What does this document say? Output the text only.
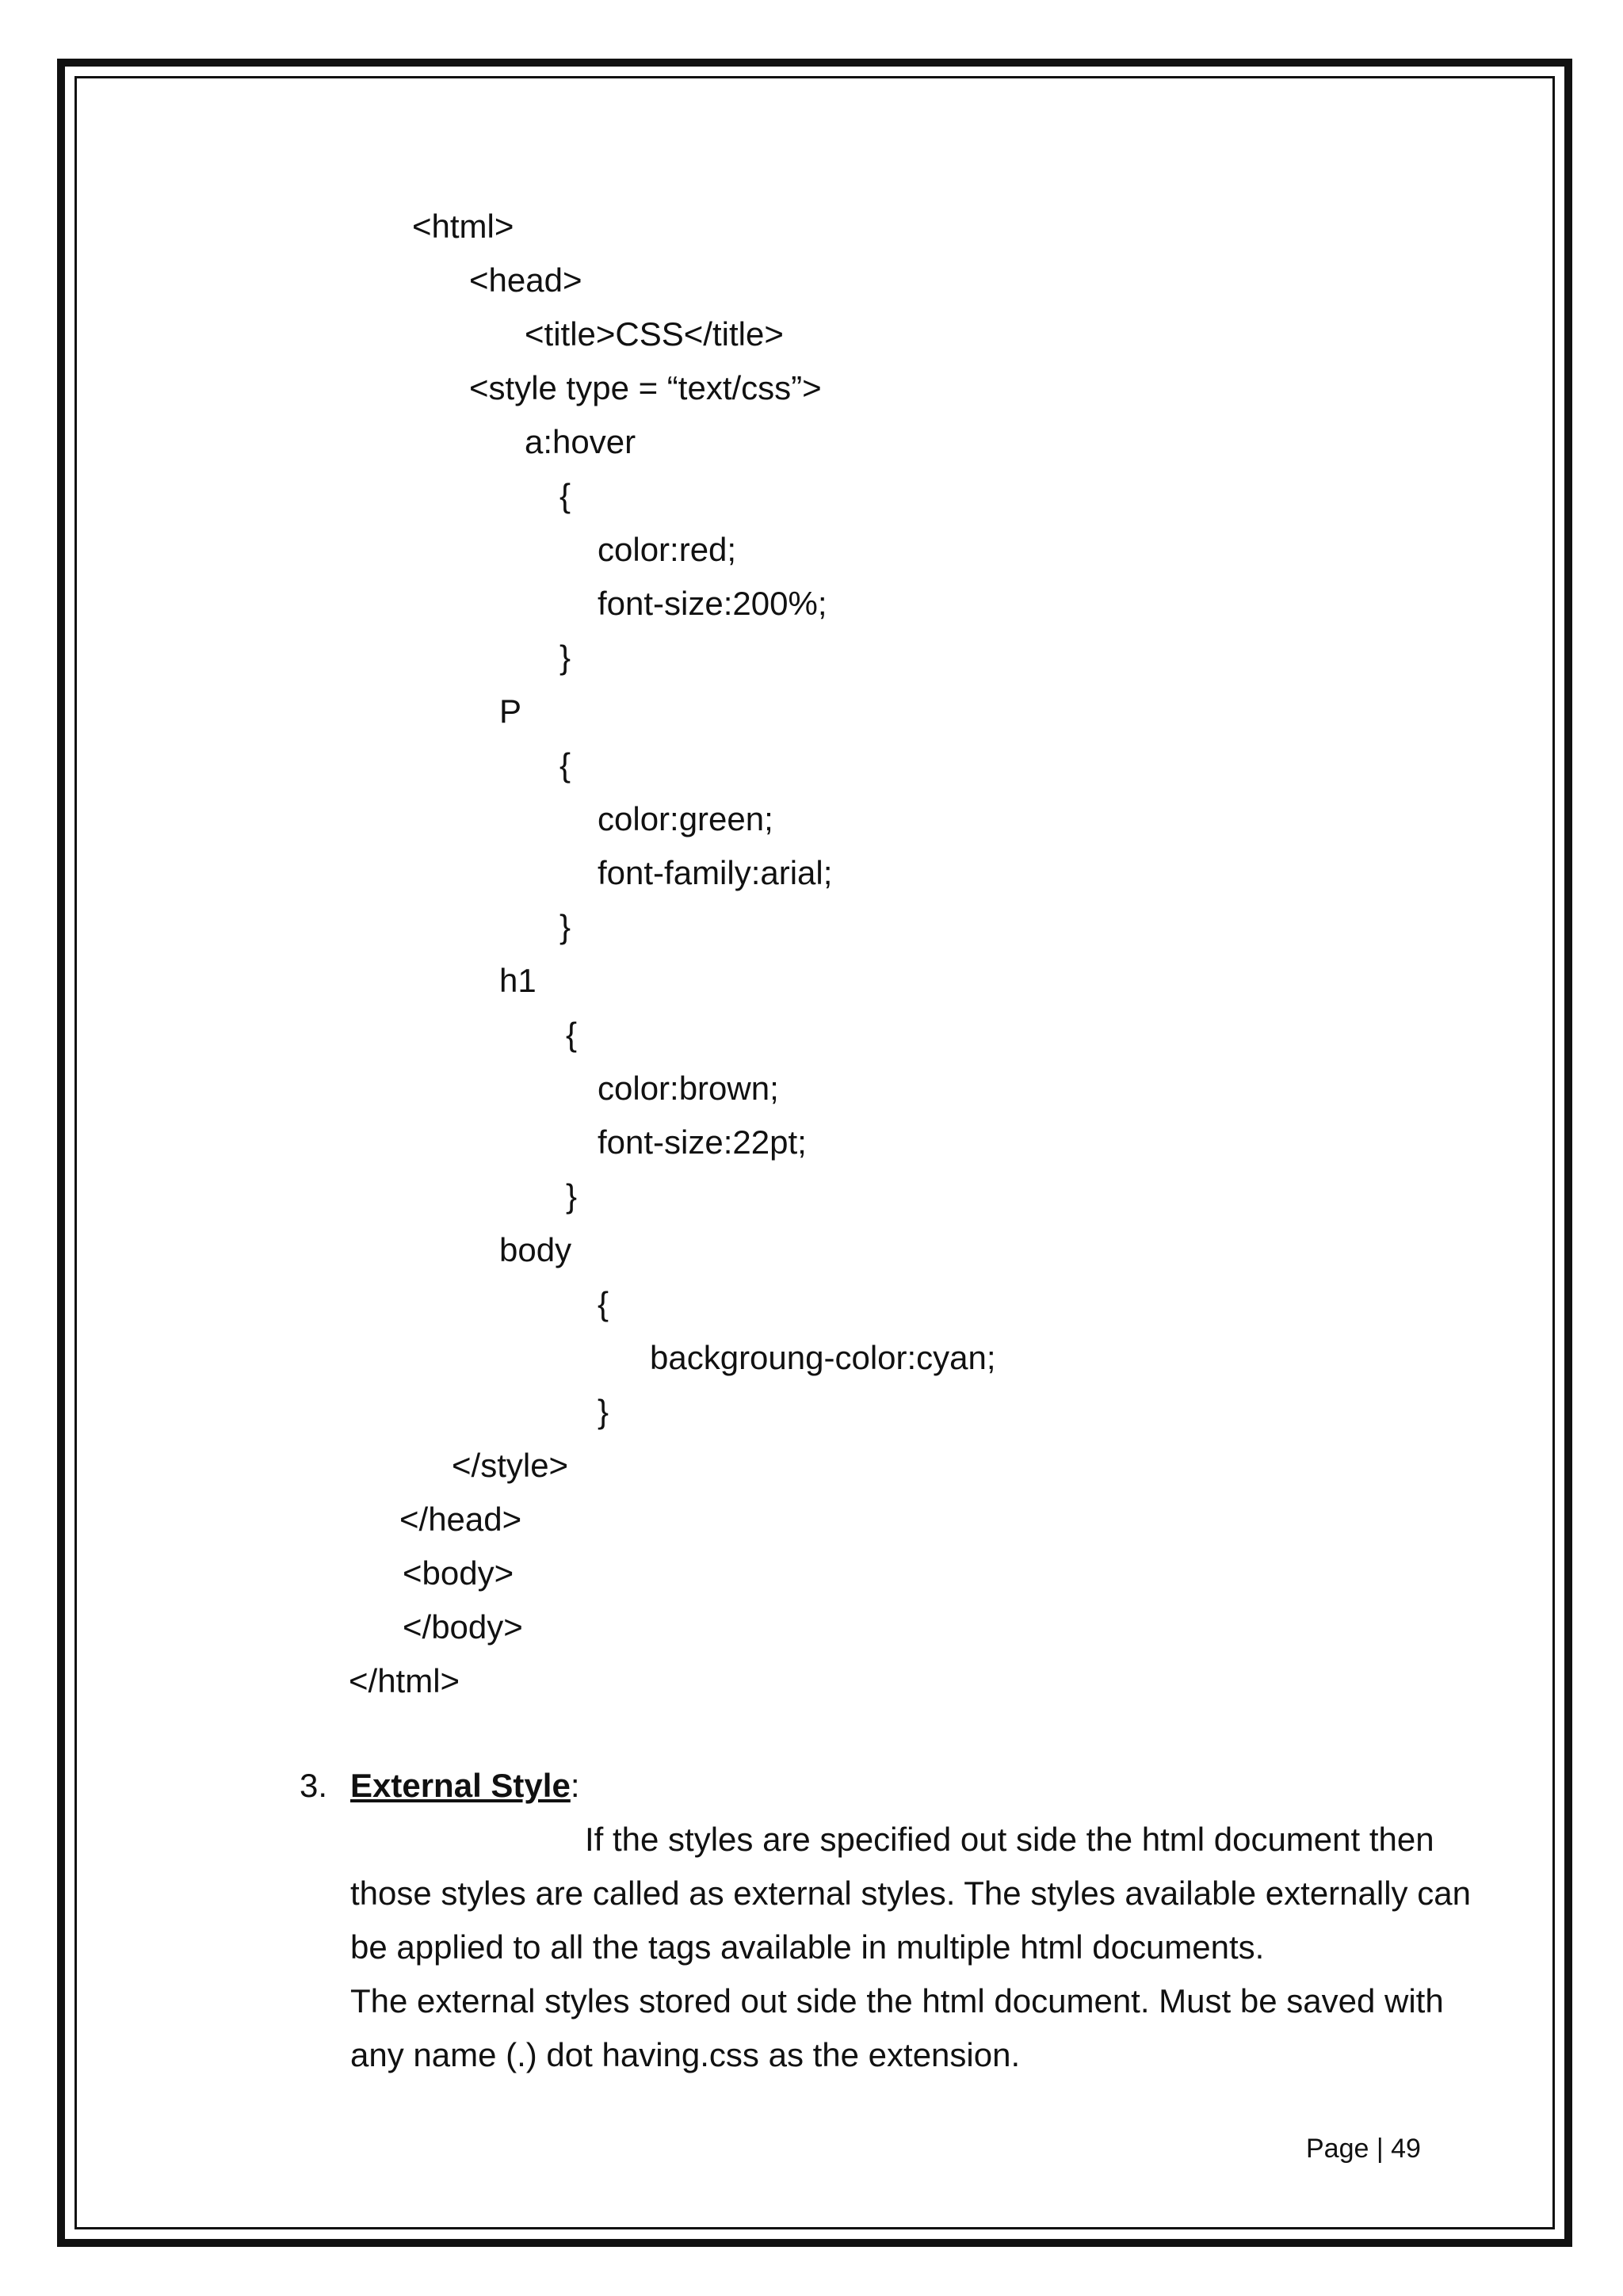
<html>

<head>

<title>CSS</title>

<style type = “text/css”>

a:hover

{

color:red;

font-size:200%;

}

P

{

color:green;

font-family:arial;

}

h1

{

color:brown;

font-size:22pt;

}

body

{

backgroung-color:cyan;

}

</style>

</head>

<body>

</body>

</html>

3. External Style:

If the styles are specified out side the html document then

those styles are called as external styles. The styles available externally can

be applied to all the tags available in multiple html documents.

The external styles stored out side the html document. Must be saved with

any name (.) dot having.css as the extension.

Page | 49
